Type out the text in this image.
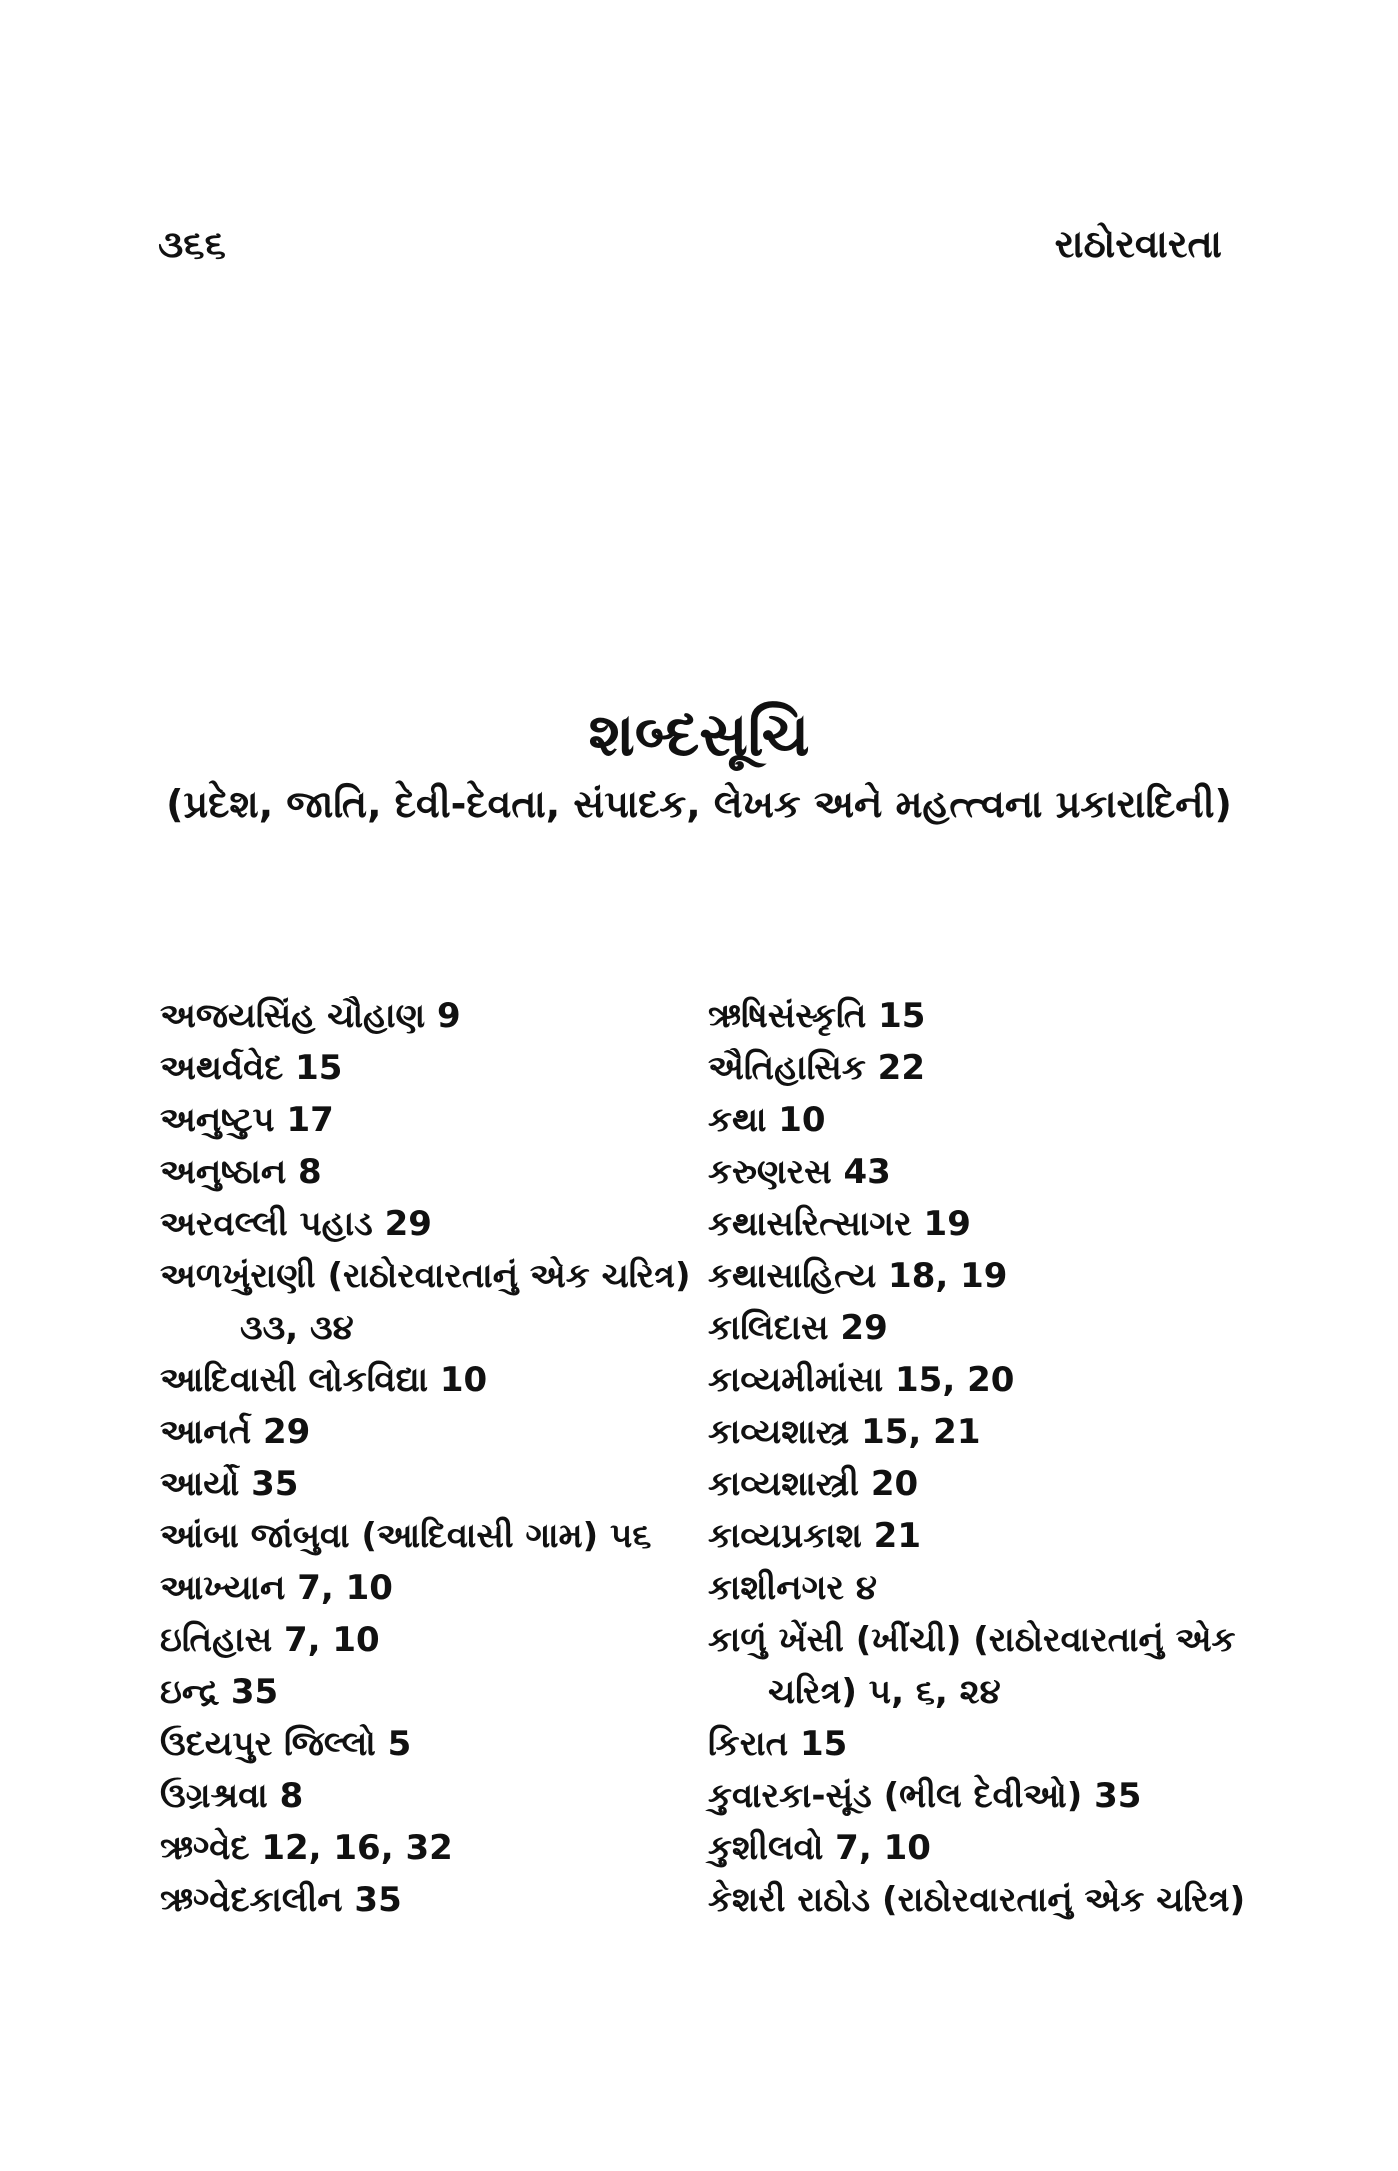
૩૬૬	રાઠોરવારતા
શબ્દસૂચિ
(પ્રદેશ, જાતિ, દેવી-દેવતા, સંપાદક, લેખક અને મહત્ત્વના પ્રકારાદિની)
અજયસિંહ ચૌહાણ 9
અથર્વવેદ 15
અનુષ્ટુપ 17
અનુષ્ઠાન 8
અરવલ્લી પહાડ 29
અળખુંરાણી (રાઠોરવારતાનું એક ચરિત્ર)
૩૩, ૩૪
આદિવાસી લોકવિદ્યા 10
આનર્ત 29
આર્યો 35
આંબા જાંબુવા (આદિવાસી ગામ) ૫૬
આખ્યાન 7, 10
ઇતિહાસ 7, 10
ઇન્દ્ર 35
ઉદયપુર જિલ્લો 5
ઉગ્રશ્રવા 8
ઋગ્વેદ 12, 16, 32
ઋગ્વેદકાલીન 35
ઋષિસંસ્કૃતિ 15
ઐતિહાસિક 22
કથા 10
કરુણરસ 43
કથાસરિત્સાગર 19
કથાસાહિત્ય 18, 19
કાલિદાસ 29
કાવ્યમીમાંસા 15, 20
કાવ્યશાસ્ત્ર 15, 21
કાવ્યશાસ્ત્રી 20
કાવ્યપ્રકાશ 21
કાશીનગર ૪
કાળું ખેંસી (ખીંચી) (રાઠોરવારતાનું એક
ચરિત્ર) ૫, ૬, ૨૪
કિરાત 15
કુવારકા-સૂંડ (ભીલ દેવીઓ) 35
કુશીલવો 7, 10
કેશરી રાઠોડ (રાઠોરવારતાનું એક ચરિત્ર)
